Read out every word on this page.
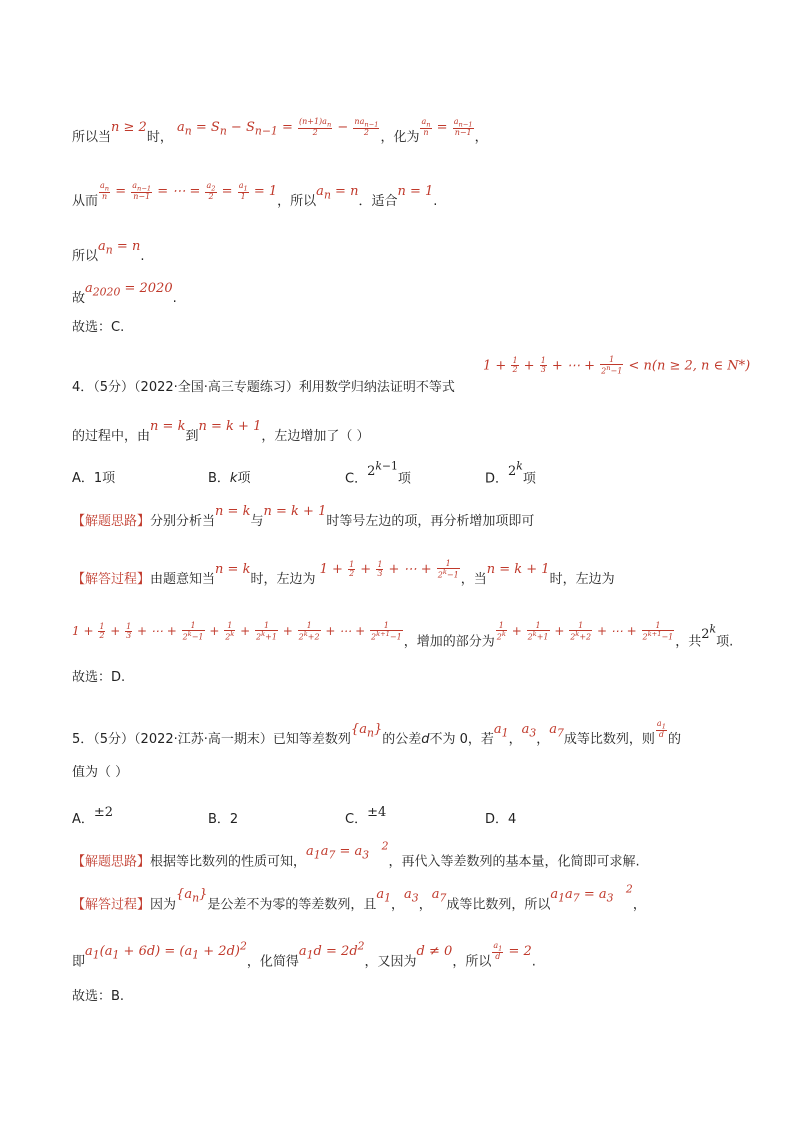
所以当n ≥ 2时， $a_n = S_n - S_{n-1} = \frac{(n+1)a_n}{2} - \frac{na_{n-1}}{2}$
，化为
$\frac{a_n}{n} = \frac{a_{n-1}}{n-1}$
，
从而
$\frac{a_n}{n} = \frac{a_{n-1}}{n-1}$ = ⋯ = $\frac{a_2}{2} = \frac{a_1}{1} = 1$，所以$a_n = n$．适合n = 1.
所以$a_n = n$.
故$a_{2020} = 2020$.
故选：C.
4．（5分）（2022·全国·高三专题练习）利用数学归纳法证明不等式
$1 + \frac{1}{2} + \frac{1}{3}$ + ⋯ + $\frac{1}{2^n-1} < n(n \ge 2$, n ∈ N*)
的过程中，由n = k到n = k + 1，左边增加了（ ）
A．1项	B．k项	C．$2^{k-1}$项	D．2$^k$项
【解题思路】分别分析当n = k与n = k + 1时等号左边的项，再分析增加项即可
【解答过程】由题意知当n = k时，左边为 $1 + \frac{1}{2} + \frac{1}{3}$ + ⋯ + $\frac{1}{2^k-1}$
，当n = k + 1时，左边为
$1 + \frac{1}{2} + \frac{1}{3}$ + ⋯ + $\frac{1}{2^k-1} + \frac{1}{2^k} + \frac{1}{2^k+1} + \frac{1}{2^k+2}$ + ⋯ + $\frac{1}{2^{k+1}-1}$
，增加的部分为
$\frac{1}{2^k} + \frac{1}{2^k+1} + \frac{1}{2^k+2}$ + ⋯ + $\frac{1}{2^{k+1}-1}$
，共2$^k$项.
故选：D.
5．（5分）（2022·江苏·高一期末）已知等差数列$\{a_n\}$的公差d不为 0，若$a_1$，$a_3$，$a_7$成等比数列，则
$\frac{a_1}{d}$
的
值为（ ）
A．±2	B．2	C．±4	D．4
【解题思路】根据等比数列的性质可知，$a_1a_7 = a_3$   $^2$，再代入等差数列的基本量，化简即可求解.
【解答过程】因为$\{a_n\}$是公差不为零的等差数列，且$a_1$，$a_3$，$a_7$成等比数列，所以$a_1a_7 = a_3$   $^2$，
即$a_1(a_1 + 6d) = (a_1 + 2d)^2$，化简得$a_1d = 2d^2$，又因为d ≠ 0，所以
$\frac{a_1}{d} = 2$.
故选：B.
